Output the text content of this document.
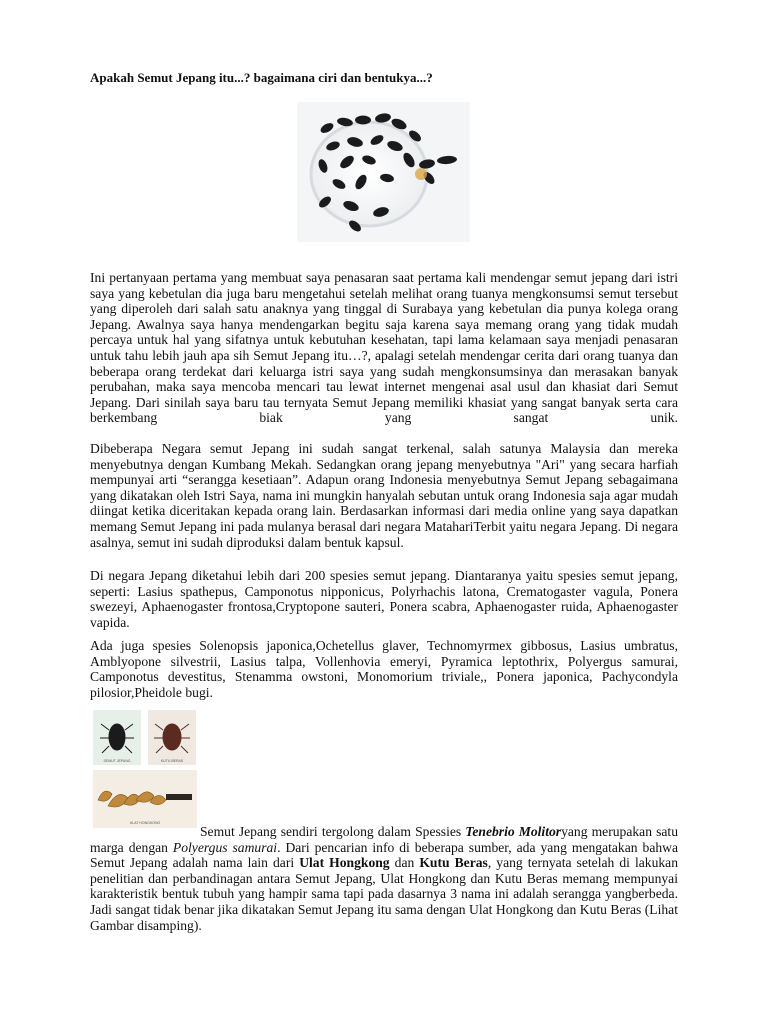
Apakah Semut Jepang itu...? bagaimana ciri dan bentukya...?

Ini pertanyaan pertama yang membuat saya penasaran saat pertama kali mendengar semut jepang dari istri saya yang kebetulan dia juga baru mengetahui setelah melihat orang tuanya mengkonsumsi semut tersebut yang diperoleh dari salah satu anaknya yang tinggal di Surabaya yang kebetulan dia punya kolega orang Jepang. Awalnya saya hanya mendengarkan begitu saja karena saya memang orang yang tidak mudah percaya untuk hal yang sifatnya untuk kebutuhan kesehatan, tapi lama kelamaan saya menjadi penasaran untuk tahu lebih jauh apa sih Semut Jepang itu…?, apalagi setelah mendengar cerita dari orang tuanya dan beberapa orang terdekat dari keluarga istri saya yang sudah mengkonsumsinya dan merasakan banyak perubahan, maka saya mencoba mencari tau lewat internet mengenai asal usul dan khasiat dari Semut Jepang. Dari sinilah saya baru tau ternyata Semut Jepang memiliki khasiat yang sangat banyak serta cara berkembang biak yang sangat unik.

Dibeberapa Negara semut Jepang ini sudah sangat terkenal, salah satunya Malaysia dan mereka menyebutnya dengan Kumbang Mekah. Sedangkan orang jepang menyebutnya "Ari" yang secara harfiah mempunyai arti “serangga kesetiaan”. Adapun orang Indonesia menyebutnya Semut Jepang sebagaimana yang dikatakan oleh Istri Saya, nama ini mungkin hanyalah sebutan untuk orang Indonesia saja agar mudah diingat ketika diceritakan kepada orang lain. Berdasarkan informasi dari media online yang saya dapatkan memang Semut Jepang ini pada mulanya berasal dari negara MatahariTerbit yaitu negara Jepang. Di negara asalnya, semut ini sudah diproduksi dalam bentuk kapsul.

Di negara Jepang diketahui lebih dari 200 spesies semut jepang. Diantaranya yaitu spesies semut jepang, seperti: Lasius spathepus, Camponotus nipponicus, Polyrhachis latona, Crematogaster vagula, Ponera swezeyi, Aphaenogaster frontosa,Cryptopone sauteri, Ponera scabra, Aphaenogaster ruida, Aphaenogaster vapida.

Ada juga spesies Solenopsis japonica,Ochetellus glaver, Technomyrmex gibbosus, Lasius umbratus, Amblyopone silvestrii, Lasius talpa, Vollenhovia emeryi, Pyramica leptothrix, Polyergus samurai, Camponotus devestitus, Stenamma owstoni, Monomorium triviale,, Ponera japonica, Pachycondyla pilosior,Pheidole bugi.

SEMUT JEPANG	KUTU BERAS
ULAT HONGKONG

Semut Jepang sendiri tergolong dalam Spessies Tenebrio Molitoryang merupakan satu marga dengan Polyergus samurai. Dari pencarian info di beberapa sumber, ada yang mengatakan bahwa Semut Jepang adalah nama lain dari Ulat Hongkong dan Kutu Beras, yang ternyata setelah di lakukan penelitian dan perbandinagan antara Semut Jepang, Ulat Hongkong dan Kutu Beras memang mempunyai karakteristik bentuk tubuh yang hampir sama tapi pada dasarnya 3 nama ini adalah serangga yangberbeda. Jadi sangat tidak benar jika dikatakan Semut Jepang itu sama dengan Ulat Hongkong dan Kutu Beras (Lihat Gambar disamping).
